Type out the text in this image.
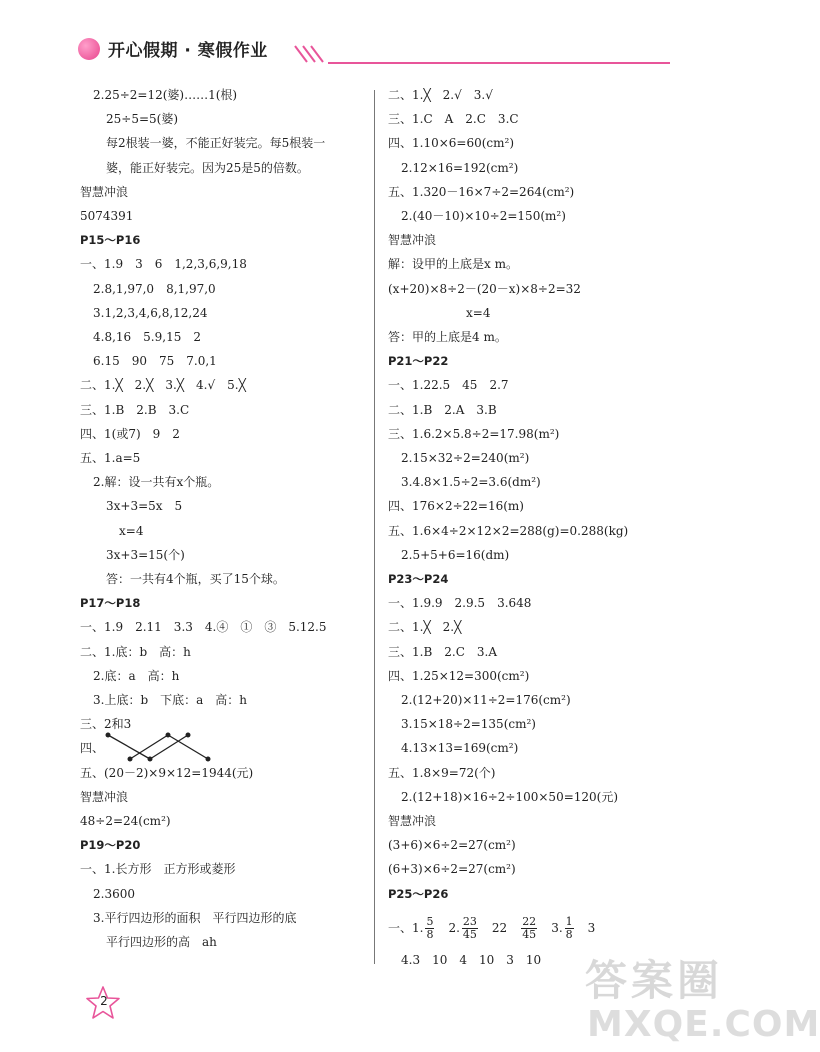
开心假期 · 寒假作业
2.25÷2=12(婆)……1(根)
25÷5=5(婆)
每2根装一婆，不能正好装完。每5根装一
婆，能正好装完。因为25是5的倍数。
智慧冲浪
5074391
P15～P16
一、1.9　3　6　1,2,3,6,9,18
2.8,1,97,0　8,1,97,0
3.1,2,3,4,6,8,12,24
4.8,16　5.9,15　2
6.15　90　75　7.0,1
二、1.╳　2.╳　3.╳　4.√　5.╳
三、1.B　2.B　3.C
四、1(或7)　9　2
五、1.a=5
2.解：设一共有x个瓶。
3x+3=5x　5
x=4
3x+3=15(个)
答：一共有4个瓶，买了15个球。
P17～P18
一、1.9　2.11　3.3　4.④　①　③　5.12.5
二、1.底：b　高：h
2.底：a　高：h
3.上底：b　下底：a　高：h
三、2和3
四、
五、(20－2)×9×12=1944(元)
智慧冲浪
48÷2=24(cm²)
P19～P20
一、1.长方形　正方形或菱形
2.3600
3.平行四边形的面积　平行四边形的底
平行四边形的高　ah
二、1.╳　2.√　3.√
三、1.C　A　2.C　3.C
四、1.10×6=60(cm²)
2.12×16=192(cm²)
五、1.320－16×7÷2=264(cm²)
2.(40－10)×10÷2=150(m²)
智慧冲浪
解：设甲的上底是x m。
(x+20)×8÷2－(20－x)×8÷2=32
x=4
答：甲的上底是4 m。
P21～P22
一、1.22.5　45　2.7
二、1.B　2.A　3.B
三、1.6.2×5.8÷2=17.98(m²)
2.15×32÷2=240(m²)
3.4.8×1.5÷2=3.6(dm²)
四、176×2÷22=16(m)
五、1.6×4÷2×12×2=288(g)=0.288(kg)
2.5+5+6=16(dm)
P23～P24
一、1.9.9　2.9.5　3.648
二、1.╳　2.╳
三、1.B　2.C　3.A
四、1.25×12=300(cm²)
2.(12+20)×11÷2=176(cm²)
3.15×18÷2=135(cm²)
4.13×13=169(cm²)
五、1.8×9=72(个)
2.(12+18)×16÷2÷100×50=120(元)
智慧冲浪
(3+6)×6÷2=27(cm²)
(6+3)×6÷2=27(cm²)
P25～P26
一、1. $\frac{5}{8}$
  2. $\frac{23}{45}$
  22  $\frac{22}{45}$
  3. $\frac{1}{8}$
  3
4.3　10　4　10　3　10
2	答案圈
MXQE.COM
